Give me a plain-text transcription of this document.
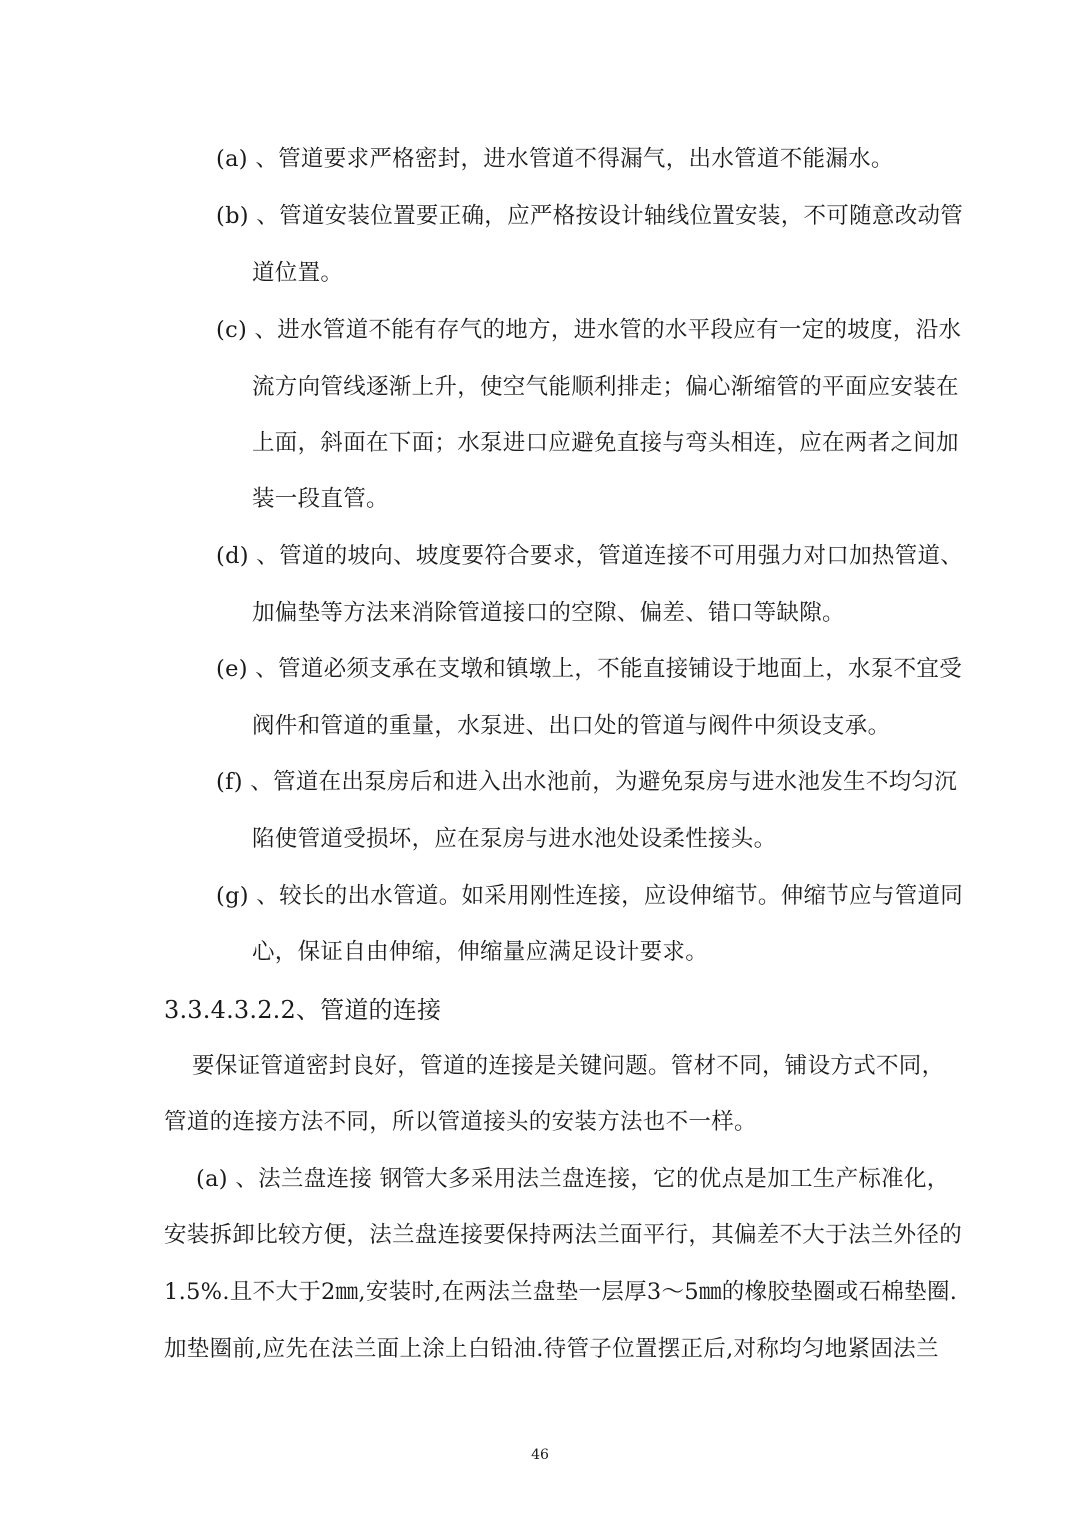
(a) 、管道要求严格密封，进水管道不得漏气，出水管道不能漏水。
(b) 、管道安装位置要正确，应严格按设计轴线位置安装，不可随意改动管
道位置。
(c) 、进水管道不能有存气的地方，进水管的水平段应有一定的坡度，沿水
流方向管线逐渐上升，使空气能顺利排走；偏心渐缩管的平面应安装在
上面，斜面在下面；水泵进口应避免直接与弯头相连，应在两者之间加
装一段直管。
(d) 、管道的坡向、坡度要符合要求，管道连接不可用强力对口加热管道、
加偏垫等方法来消除管道接口的空隙、偏差、错口等缺隙。
(e) 、管道必须支承在支墩和镇墩上，不能直接铺设于地面上，水泵不宜受
阀件和管道的重量，水泵进、出口处的管道与阀件中须设支承。
(f) 、管道在出泵房后和进入出水池前，为避免泵房与进水池发生不均匀沉
陷使管道受损坏，应在泵房与进水池处设柔性接头。
(g) 、较长的出水管道。如采用刚性连接，应设伸缩节。伸缩节应与管道同
心，保证自由伸缩，伸缩量应满足设计要求。
3.3.4.3.2.2、管道的连接
要保证管道密封良好，管道的连接是关键问题。管材不同，铺设方式不同，
管道的连接方法不同，所以管道接头的安装方法也不一样。
(a) 、法兰盘连接 钢管大多采用法兰盘连接，它的优点是加工生产标准化，
安装拆卸比较方便，法兰盘连接要保持两法兰面平行，其偏差不大于法兰外径的
1.5%.且不大于2㎜,安装时,在两法兰盘垫一层厚3～5㎜的橡胶垫圈或石棉垫圈.
加垫圈前,应先在法兰面上涂上白铅油.待管子位置摆正后,对称均匀地紧固法兰
46
